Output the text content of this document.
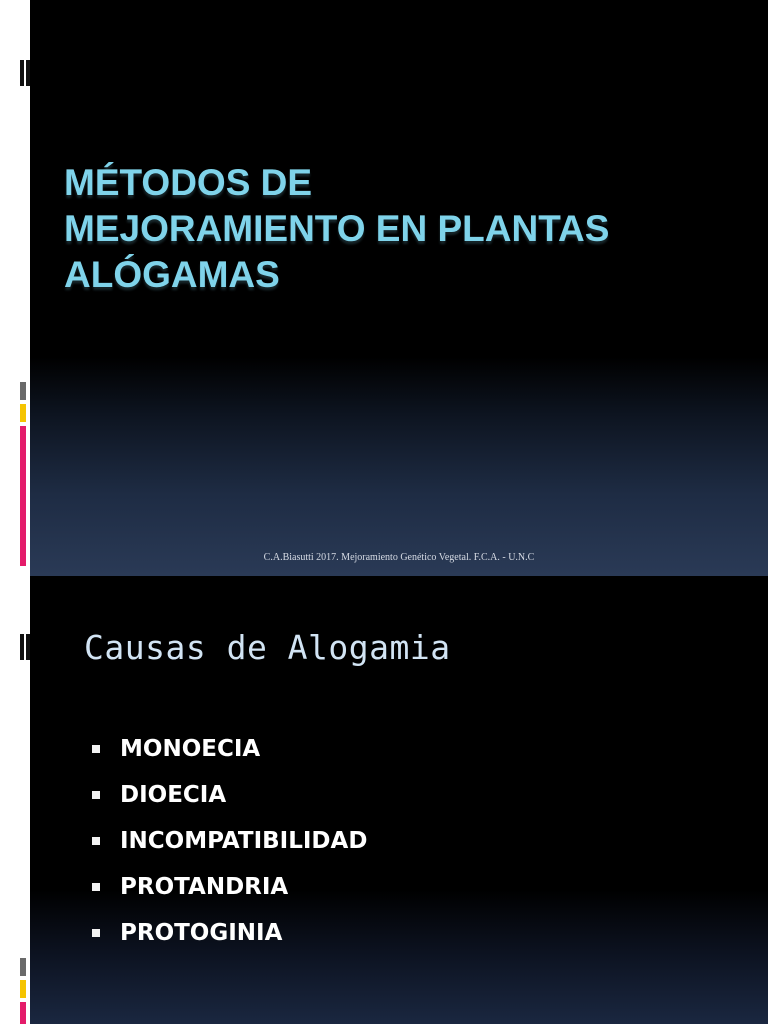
MÉTODOS DE
MEJORAMIENTO EN PLANTAS
ALÓGAMAS
C.A.Biasutti 2017. Mejoramiento Genético Vegetal. F.C.A. - U.N.C
Causas de Alogamia
MONOECIA
DIOECIA
INCOMPATIBILIDAD
PROTANDRIA
PROTOGINIA
